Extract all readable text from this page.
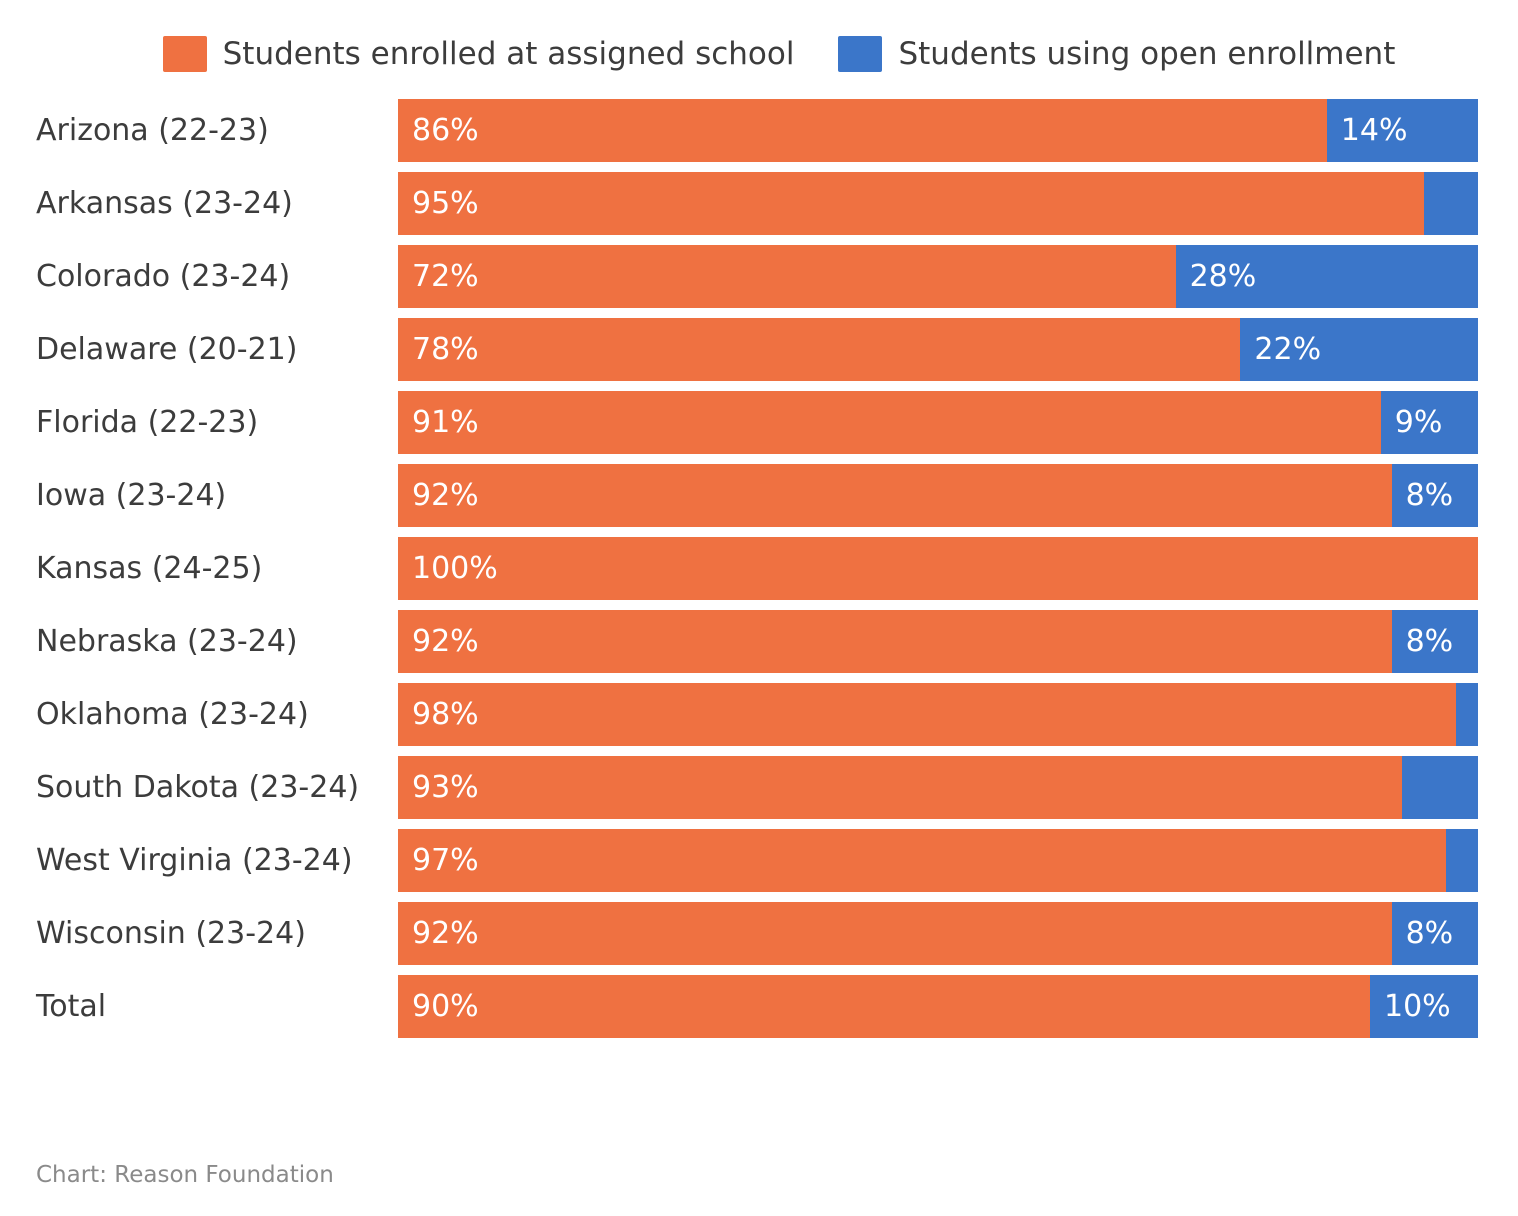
Students enrolled at assigned school	Students using open enrollment
Arizona (22-23)	86%	14%
Arkansas (23-24)	95%
Colorado (23-24)	72%	28%
Delaware (20-21)	78%	22%
Florida (22-23)	91%	9%
Iowa (23-24)	92%	8%
Kansas (24-25)	100%
Nebraska (23-24)	92%	8%
Oklahoma (23-24)	98%
South Dakota (23-24)	93%
West Virginia (23-24)	97%
Wisconsin (23-24)	92%	8%
Total	90%	10%
Chart: Reason Foundation
